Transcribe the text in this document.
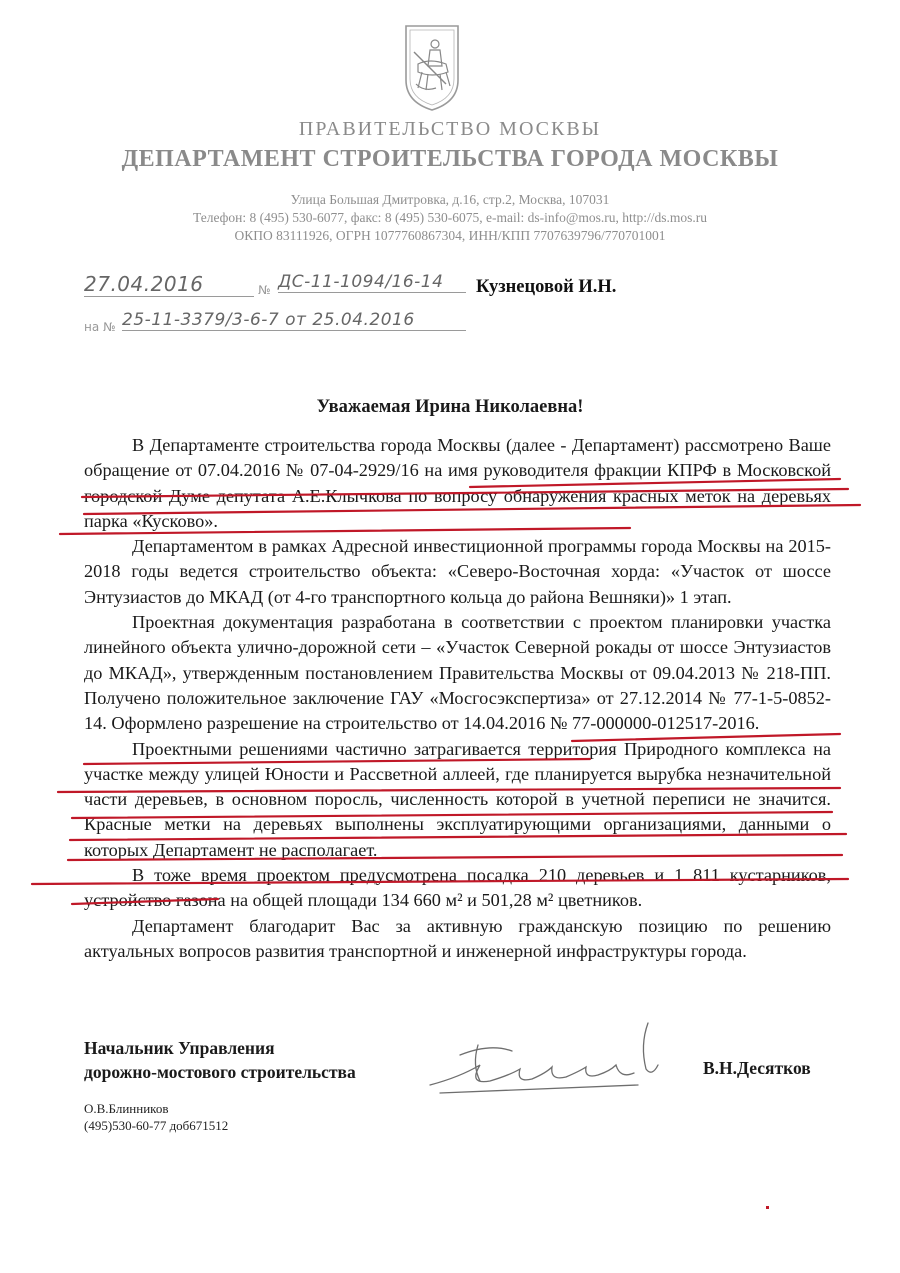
ПРАВИТЕЛЬСТВО МОСКВЫ
ДЕПАРТАМЕНТ СТРОИТЕЛЬСТВА ГОРОДА МОСКВЫ
Улица Большая Дмитровка, д.16, стр.2, Москва, 107031
Телефон: 8 (495) 530-6077, факс: 8 (495) 530-6075, e-mail: ds-info@mos.ru, http://ds.mos.ru
ОКПО 83111926, ОГРН 1077760867304, ИНН/КПП 7707639796/770701001
27.04.2016	№ ДС-11-1094/16-14
на № 25-11-3379/3-6-7 от 25.04.2016
Кузнецовой И.Н.
Уважаемая Ирина Николаевна!

В Департаменте строительства города Москвы (далее - Департамент) рассмотрено Ваше обращение от 07.04.2016 № 07-04-2929/16 на имя руководителя фракции КПРФ в Московской городской Думе депутата А.Е.Клычкова по вопросу обнаружения красных меток на деревьях парка «Кусково».

Департаментом в рамках Адресной инвестиционной программы города Москвы на 2015-2018 годы ведется строительство объекта: «Северо-Восточная хорда: «Участок от шоссе Энтузиастов до МКАД (от 4-го транспортного кольца до района Вешняки)» 1 этап.

Проектная документация разработана в соответствии с проектом планировки участка линейного объекта улично-дорожной сети – «Участок Северной рокады от шоссе Энтузиастов до МКАД», утвержденным постановлением Правительства Москвы от 09.04.2013 № 218-ПП. Получено положительное заключение ГАУ «Мосгосэкспертиза» от 27.12.2014 № 77-1-5-0852-14. Оформлено разрешение на строительство от 14.04.2016 № 77-000000-012517-2016.

Проектными решениями частично затрагивается территория Природного комплекса на участке между улицей Юности и Рассветной аллеей, где планируется вырубка незначительной части деревьев, в основном поросль, численность которой в учетной переписи не значится. Красные метки на деревьях выполнены эксплуатирующими организациями, данными о которых Департамент не располагает.

В тоже время проектом предусмотрена посадка 210 деревьев и 1 811 кустарников, устройство газона на общей площади 134 660 м² и 501,28 м² цветников.

Департамент благодарит Вас за активную гражданскую позицию по решению актуальных вопросов развития транспортной и инженерной инфраструктуры города.

Начальник Управления
дорожно-мостового строительства	В.Н.Десятков
О.В.Блинников
(495)530-60-77 доб671512
